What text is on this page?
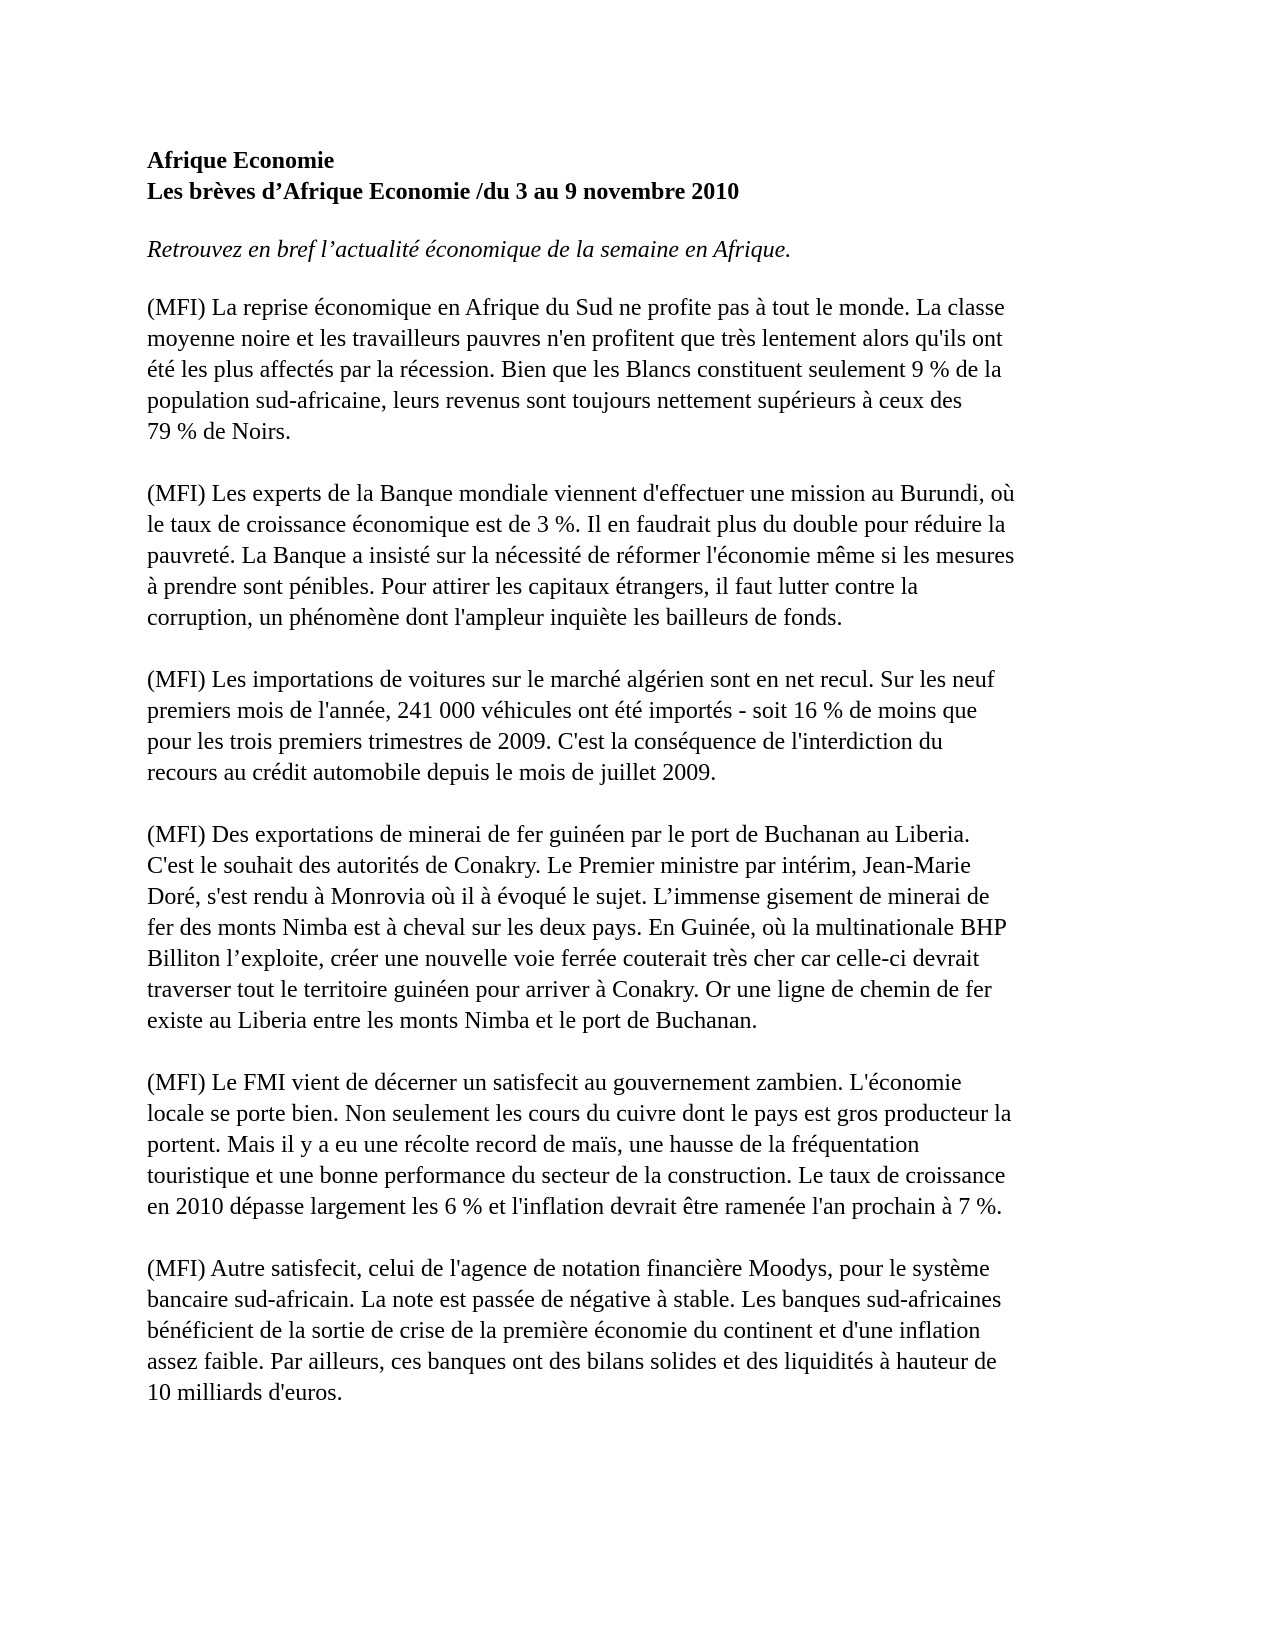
Afrique Economie
Les brèves d’Afrique Economie /du 3 au 9 novembre 2010

Retrouvez en bref l’actualité économique de la semaine en Afrique.

(MFI) La reprise économique en Afrique du Sud ne profite pas à tout le monde. La classe
moyenne noire et les travailleurs pauvres n'en profitent que très lentement alors qu'ils ont
été les plus affectés par la récession. Bien que les Blancs constituent seulement 9 % de la
population sud-africaine, leurs revenus sont toujours nettement supérieurs à ceux des
79 % de Noirs.
(MFI) Les experts de la Banque mondiale viennent d'effectuer une mission au Burundi, où
le taux de croissance économique est de 3 %. Il en faudrait plus du double pour réduire la
pauvreté. La Banque a insisté sur la nécessité de réformer l'économie même si les mesures
à prendre sont pénibles. Pour attirer les capitaux étrangers, il faut lutter contre la
corruption, un phénomène dont l'ampleur inquiète les bailleurs de fonds.
(MFI) Les importations de voitures sur le marché algérien sont en net recul. Sur les neuf
premiers mois de l'année, 241 000 véhicules ont été importés - soit 16 % de moins que
pour les trois premiers trimestres de 2009. C'est la conséquence de l'interdiction du
recours au crédit automobile depuis le mois de juillet 2009.
(MFI) Des exportations de minerai de fer guinéen par le port de Buchanan au Liberia.
C'est le souhait des autorités de Conakry. Le Premier ministre par intérim, Jean-Marie
Doré, s'est rendu à Monrovia où il à évoqué le sujet. L’immense gisement de minerai de
fer des monts Nimba est à cheval sur les deux pays. En Guinée, où la multinationale BHP
Billiton l’exploite, créer une nouvelle voie ferrée couterait très cher car celle-ci devrait
traverser tout le territoire guinéen pour arriver à Conakry. Or une ligne de chemin de fer
existe au Liberia entre les monts Nimba et le port de Buchanan.
(MFI) Le FMI vient de décerner un satisfecit au gouvernement zambien. L'économie
locale se porte bien. Non seulement les cours du cuivre dont le pays est gros producteur la
portent. Mais il y a eu une récolte record de maïs, une hausse de la fréquentation
touristique et une bonne performance du secteur de la construction. Le taux de croissance
en 2010 dépasse largement les 6 % et l'inflation devrait être ramenée l'an prochain à 7 %.
(MFI) Autre satisfecit, celui de l'agence de notation financière Moodys, pour le système
bancaire sud-africain. La note est passée de négative à stable. Les banques sud-africaines
bénéficient de la sortie de crise de la première économie du continent et d'une inflation
assez faible. Par ailleurs, ces banques ont des bilans solides et des liquidités à hauteur de
10 milliards d'euros.
